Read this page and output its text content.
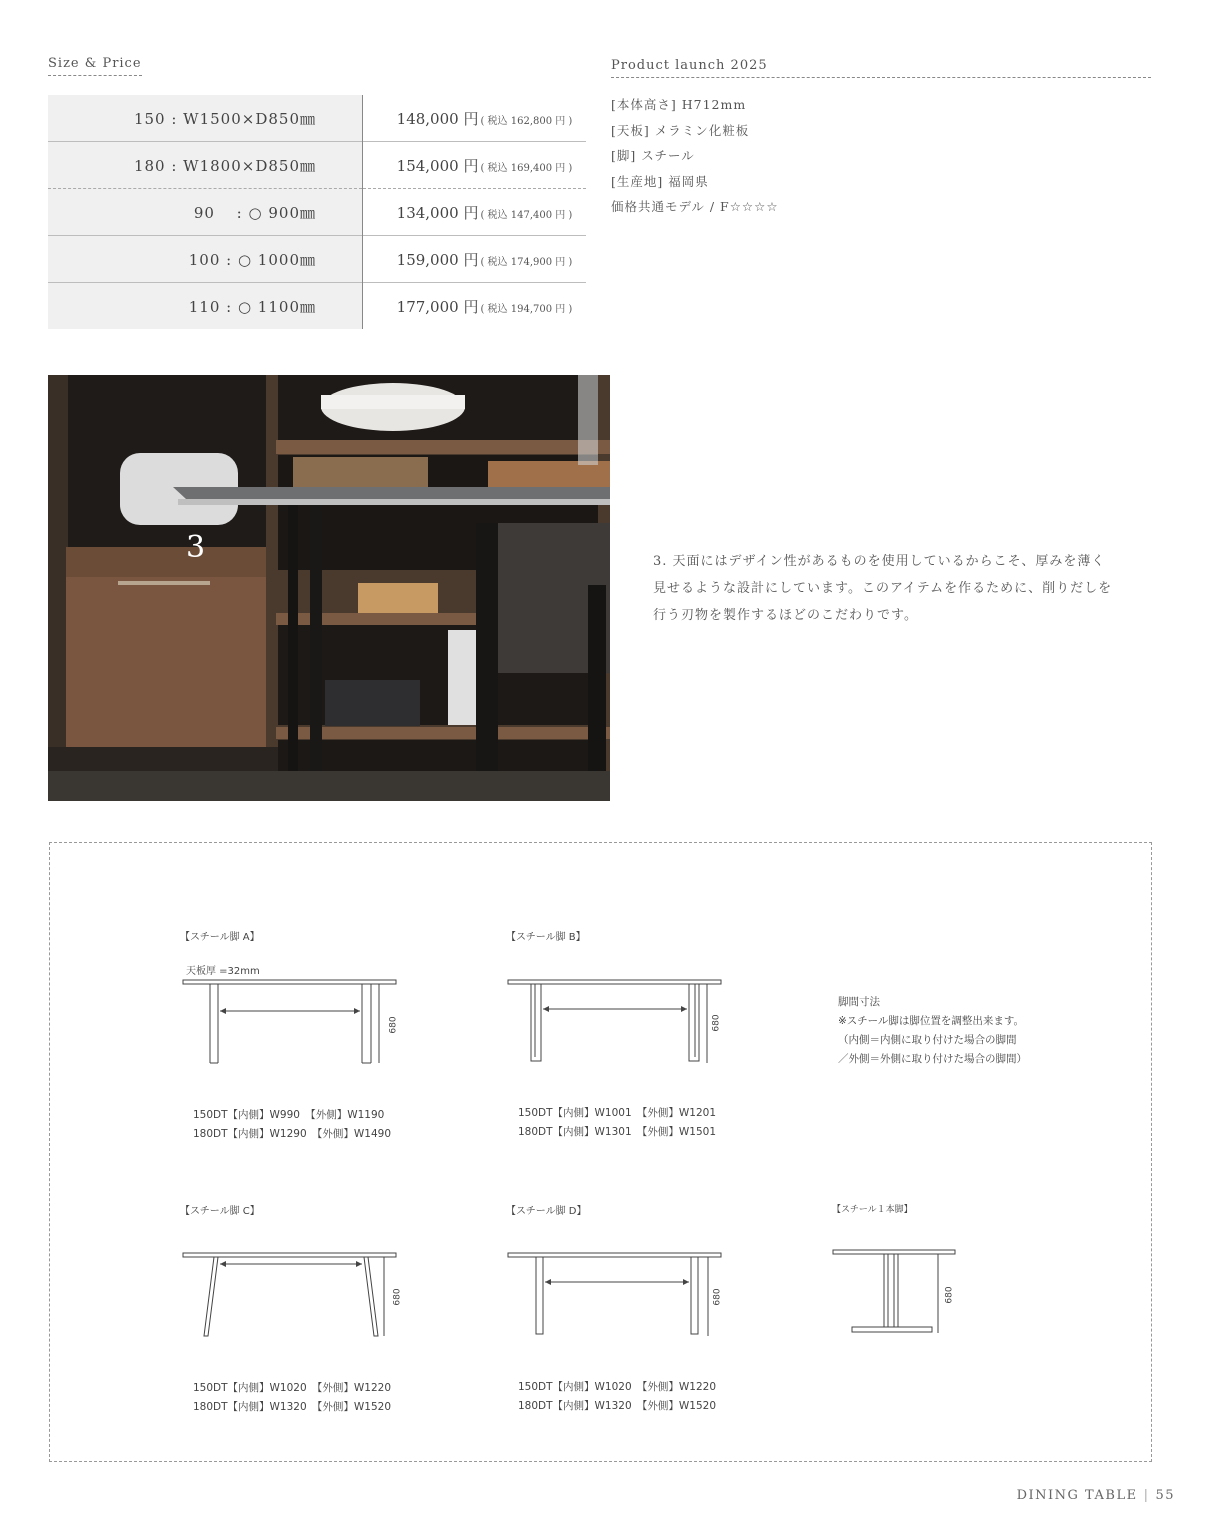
Size & Price
150 : W1500×D850㎜	148,000 円 ( 税込 162,800 円 )
180 : W1800×D850㎜	154,000 円 ( 税込 169,400 円 )
90 　: ○ 900㎜	134,000 円 ( 税込 147,400 円 )
100 : ○ 1000㎜	159,000 円 ( 税込 174,900 円 )
110 : ○ 1100㎜	177,000 円 ( 税込 194,700 円 )
Product launch 2025
[本体高さ] H712mm
[天板] メラミン化粧板
[脚] スチール
[生産地] 福岡県
価格共通モデル / F☆☆☆☆
3	3. 天面にはデザイン性があるものを使用しているからこそ、厚みを薄く
見せるような設計にしています。このアイテムを作るために、削りだしを
行う刃物を製作するほどのこだわりです。
【スチール脚 A】
天板厚 =32mm
680
150DT【内側】W990　【外側】W1190
180DT【内側】W1290　【外側】W1490
【スチール脚 B】
680
150DT【内側】W1001　【外側】W1201
180DT【内側】W1301　【外側】W1501
脚間寸法
※スチール脚は脚位置を調整出来ます。
（内側＝内側に取り付けた場合の脚間
／外側＝外側に取り付けた場合の脚間）
【スチール脚 C】
680
150DT【内側】W1020　【外側】W1220
180DT【内側】W1320　【外側】W1520
【スチール脚 D】
680
150DT【内側】W1020　【外側】W1220
180DT【内側】W1320　【外側】W1520
【スチール１本脚】
680
DINING TABLE | 55
